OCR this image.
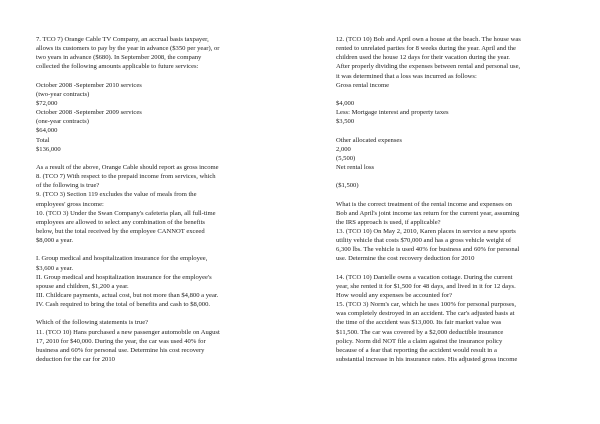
7. TCO 7) Orange Cable TV Company, an accrual basis taxpayer,
allows its customers to pay by the year in advance ($350 per year), or
two years in advance ($680). In September 2008, the company
collected the following amounts applicable to future services:
October 2008 -September 2010 services
(two-year contracts)
$72,000
October 2008 -September 2009 services
(one-year contracts)
$64,000
Total
$136,000
As a result of the above, Orange Cable should report as gross income
8. (TCO 7) With respect to the prepaid income from services, which
of the following is true?
9. (TCO 3) Section 119 excludes the value of meals from the
employees' gross income:
10. (TCO 3) Under the Swan Company's cafeteria plan, all full-time
employees are allowed to select any combination of the benefits
below, but the total received by the employee CANNOT exceed
$8,000 a year.
I. Group medical and hospitalization insurance for the employee,
$3,600 a year.
II. Group medical and hospitalization insurance for the employee's
spouse and children, $1,200 a year.
III. Childcare payments, actual cost, but not more than $4,800 a year.
IV. Cash required to bring the total of benefits and cash to $8,000.
Which of the following statements is true?
11. (TCO 10) Hans purchased a new passenger automobile on August
17, 2010 for $40,000. During the year, the car was used 40% for
business and 60% for personal use. Determine his cost recovery
deduction for the car for 2010
12. (TCO 10) Bob and April own a house at the beach. The house was
rented to unrelated parties for 8 weeks during the year. April and the
children used the house 12 days for their vacation during the year.
After properly dividing the expenses between rental and personal use,
it was determined that a loss was incurred as follows:
Gross rental income
$4,000
Less: Mortgage interest and property taxes
$3,500
Other allocated expenses
2,000
(5,500)
Net rental loss
($1,500)
What is the correct treatment of the rental income and expenses on
Bob and April's joint income tax return for the current year, assuming
the IRS approach is used, if applicable?
13. (TCO 10) On May 2, 2010, Karen places in service a new sports
utility vehicle that costs $70,000 and has a gross vehicle weight of
6,300 lbs. The vehicle is used 40% for business and 60% for personal
use. Determine the cost recovery deduction for 2010
14. (TCO 10) Danielle owns a vacation cottage. During the current
year, she rented it for $1,500 for 48 days, and lived in it for 12 days.
How would any expenses be accounted for?
15. (TCO 3) Norm's car, which he uses 100% for personal purposes,
was completely destroyed in an accident. The car's adjusted basis at
the time of the accident was $13,000. Its fair market value was
$11,500. The car was covered by a $2,000 deductible insurance
policy. Norm did NOT file a claim against the insurance policy
because of a fear that reporting the accident would result in a
substantial increase in his insurance rates. His adjusted gross income
